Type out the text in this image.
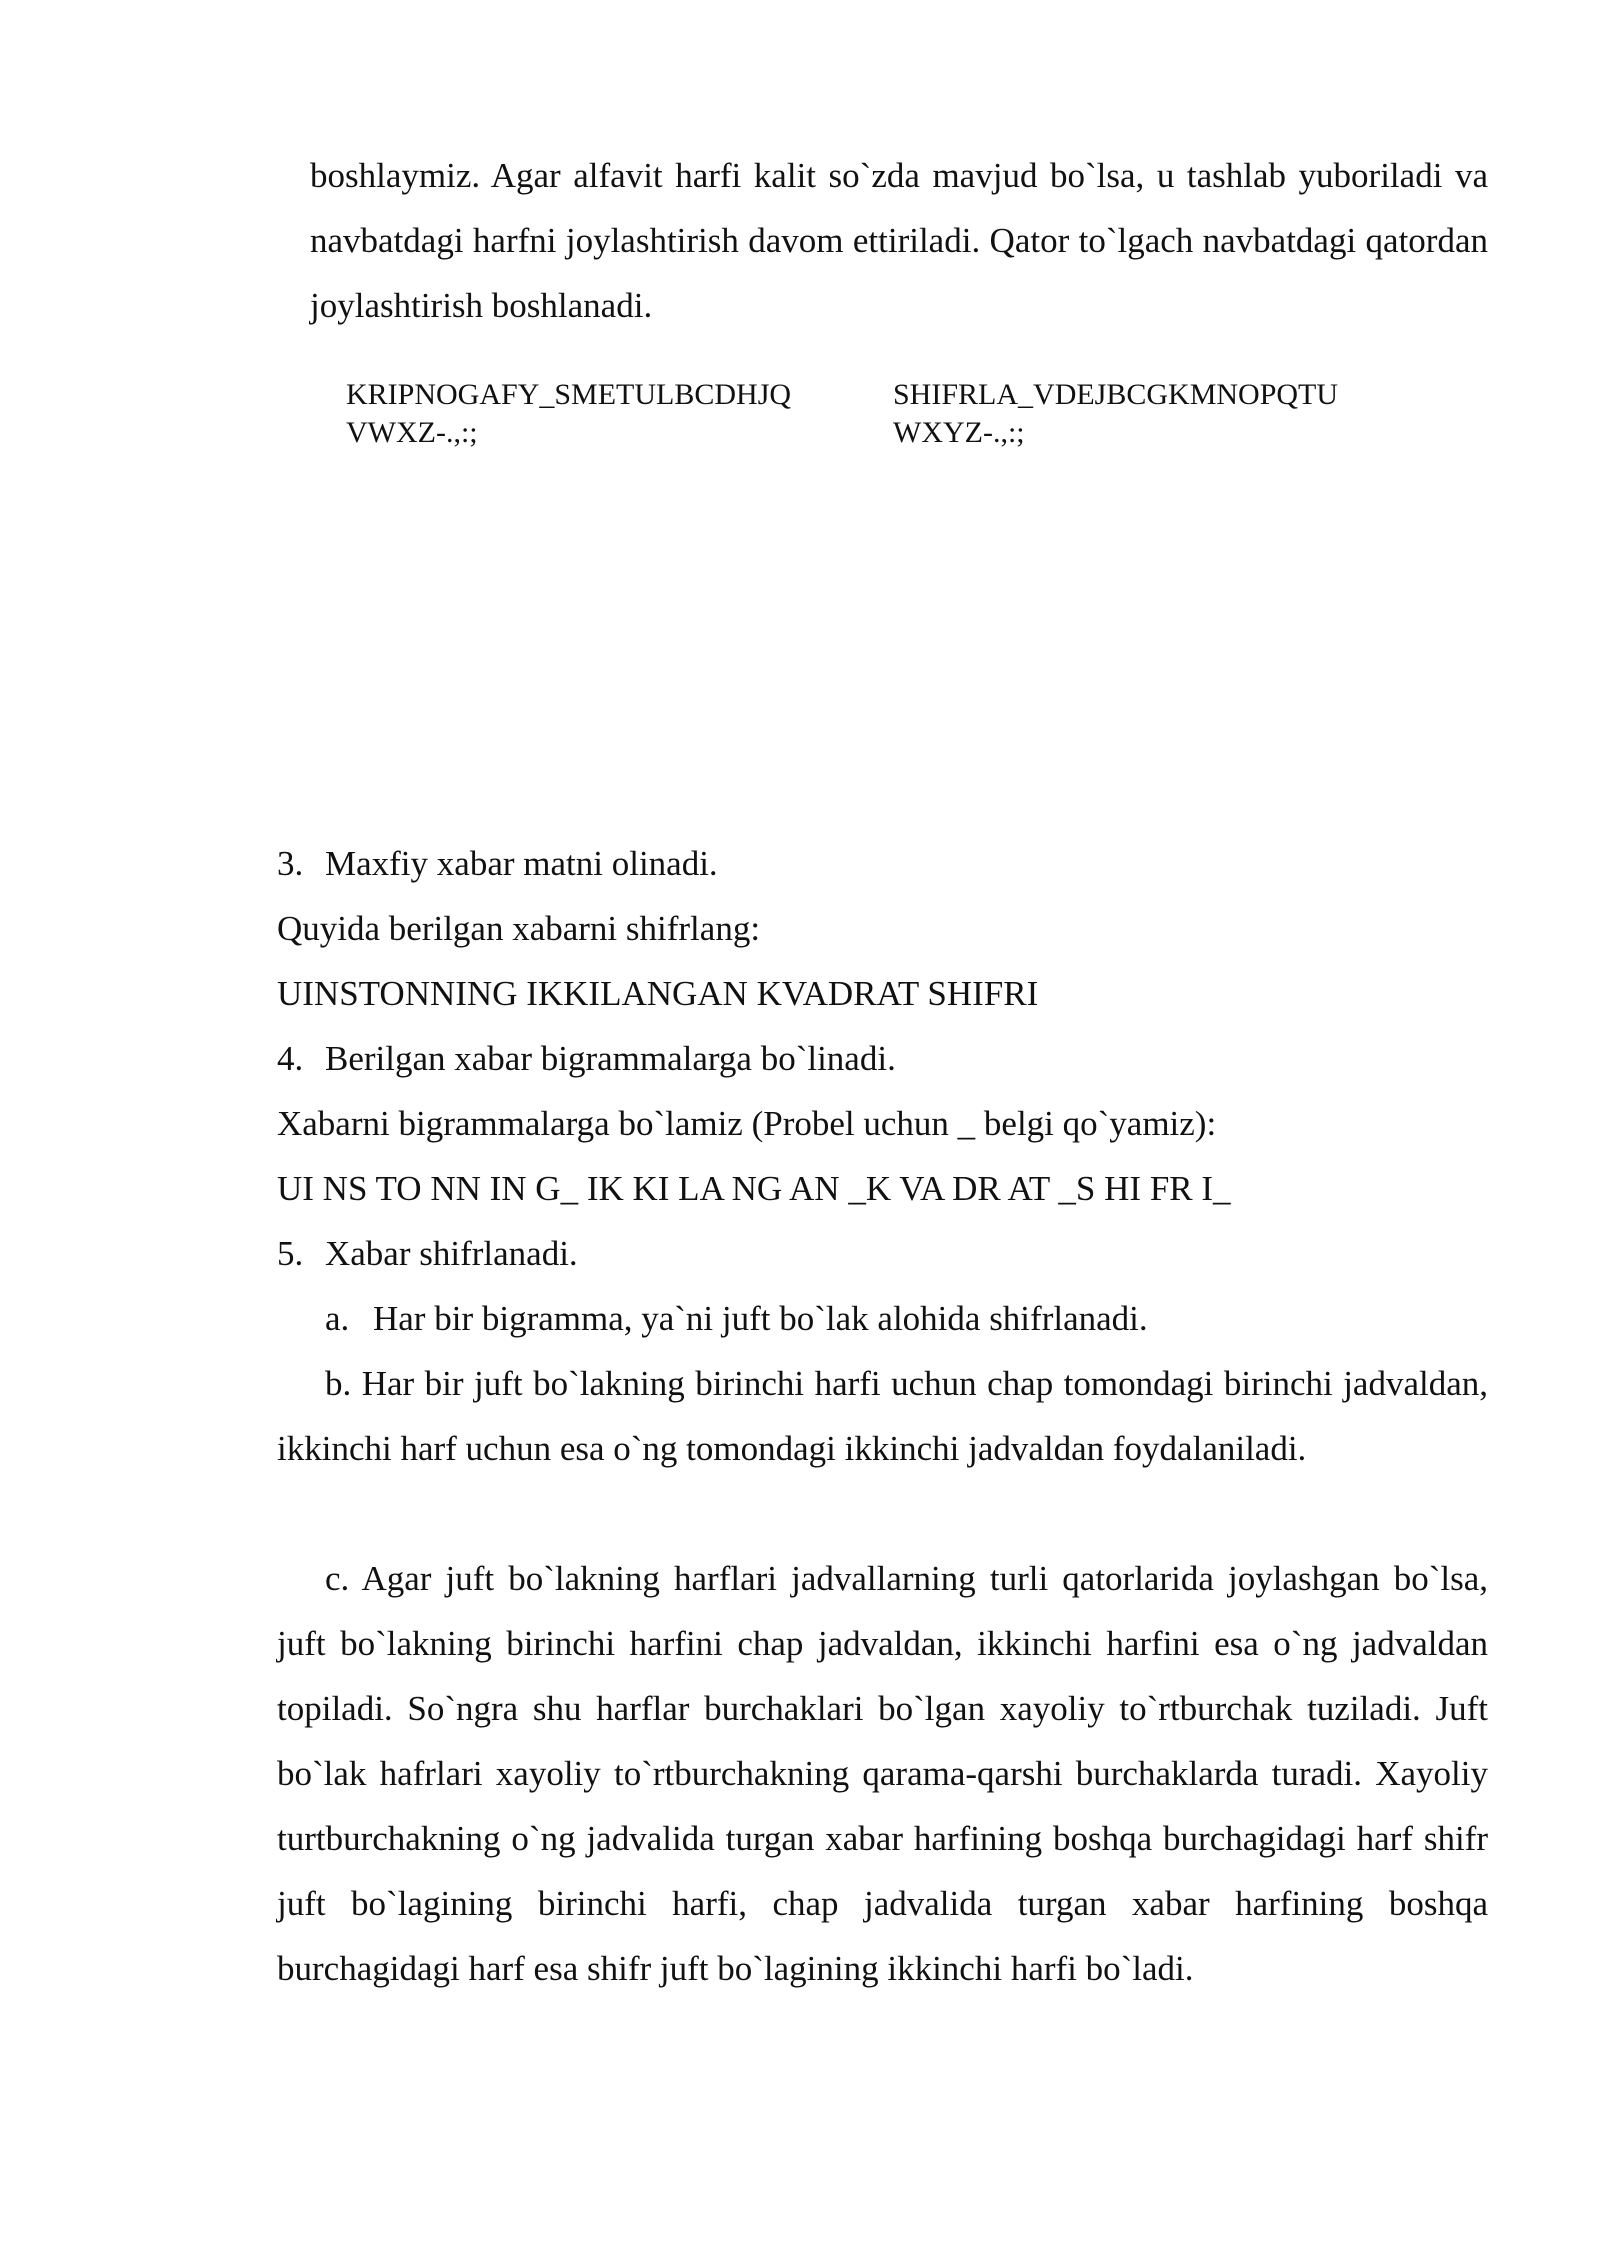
boshlaymiz. Agar alfavit harfi kalit so`zda mavjud bo`lsa, u tashlab yuboriladi va navbatdagi harfni joylashtirish davom ettiriladi. Qator to`lgach navbatdagi qatordan joylashtirish boshlanadi.

KRIPNOGAFY_SMETULBCDHJQ
VWXZ-.,:;
SHIFRLA_VDEJBCGKMNOPQTU
WXYZ-.,:;
3. Maxfiy xabar matni olinadi.
Quyida berilgan xabarni shifrlang:
UINSTONNING IKKILANGAN KVADRAT SHIFRI
4. Berilgan xabar bigrammalarga bo`linadi.
Xabarni bigrammalarga bo`lamiz (Probel uchun _ belgi qo`yamiz):
UI NS TO NN IN G_ IK KI LA NG AN _K VA DR AT _S HI FR I_
5. Xabar shifrlanadi.
a. Har bir bigramma, ya`ni juft bo`lak alohida shifrlanadi.

b. Har bir juft bo`lakning birinchi harfi uchun chap tomondagi birinchi jadvaldan, ikkinchi harf uchun esa o`ng tomondagi ikkinchi jadvaldan foydalaniladi.

c. Agar juft bo`lakning harflari jadvallarning turli qatorlarida joylashgan bo`lsa, juft bo`lakning birinchi harfini chap jadvaldan, ikkinchi harfini esa o`ng jadvaldan topiladi. So`ngra shu harflar burchaklari bo`lgan xayoliy to`rtburchak tuziladi. Juft bo`lak hafrlari xayoliy to`rtburchakning qarama-qarshi burchaklarda turadi. Xayoliy turtburchakning o`ng jadvalida turgan xabar harfining boshqa burchagidagi harf shifr juft bo`lagining birinchi harfi, chap jadvalida turgan xabar harfining boshqa burchagidagi harf esa shifr juft bo`lagining ikkinchi harfi bo`ladi.
